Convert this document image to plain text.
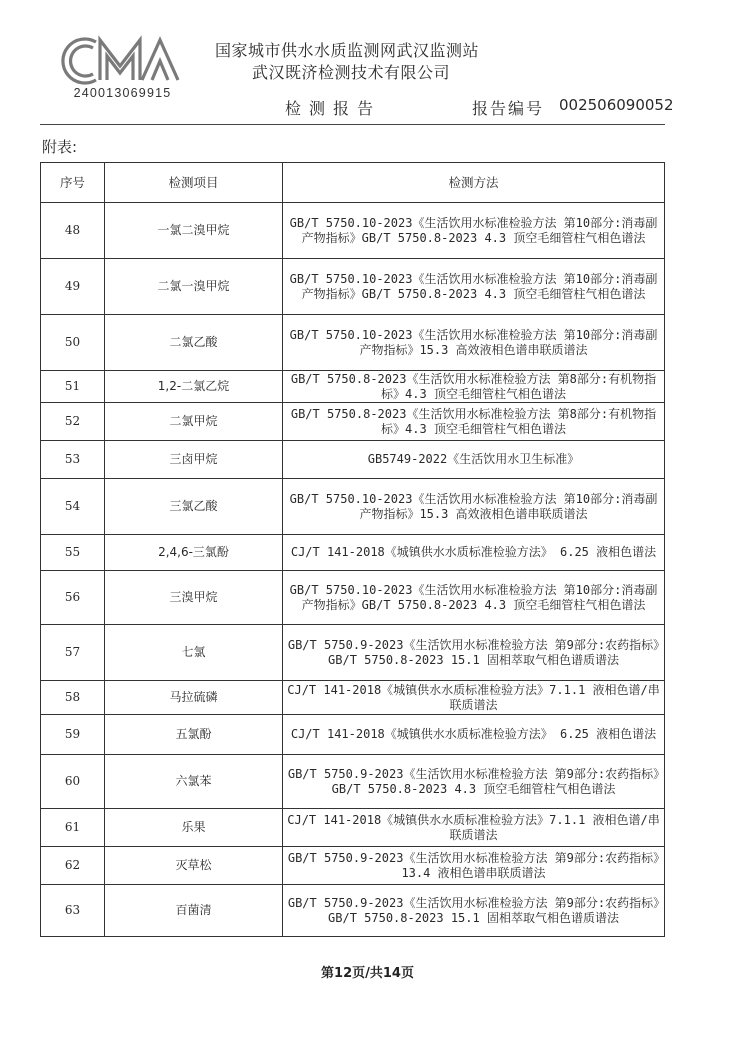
240013069915
国家城市供水水质监测网武汉监测站
武汉既济检测技术有限公司
检测报告	报告编号 002506090052
附表:
序号	检测项目	检测方法
48	一氯二溴甲烷	GB/T 5750.10-2023《生活饮用水标准检验方法 第10部分:消毒副产物指标》GB/T 5750.8-2023 4.3 顶空毛细管柱气相色谱法
49	二氯一溴甲烷	GB/T 5750.10-2023《生活饮用水标准检验方法 第10部分:消毒副产物指标》GB/T 5750.8-2023 4.3 顶空毛细管柱气相色谱法
50	二氯乙酸	GB/T 5750.10-2023《生活饮用水标准检验方法 第10部分:消毒副产物指标》15.3 高效液相色谱串联质谱法
51	1,2-二氯乙烷	GB/T 5750.8-2023《生活饮用水标准检验方法 第8部分:有机物指标》4.3 顶空毛细管柱气相色谱法
52	二氯甲烷	GB/T 5750.8-2023《生活饮用水标准检验方法 第8部分:有机物指标》4.3 顶空毛细管柱气相色谱法
53	三卤甲烷	GB5749-2022《生活饮用水卫生标准》
54	三氯乙酸	GB/T 5750.10-2023《生活饮用水标准检验方法 第10部分:消毒副产物指标》15.3 高效液相色谱串联质谱法
55	2,4,6-三氯酚	CJ/T 141-2018《城镇供水水质标准检验方法》 6.25 液相色谱法
56	三溴甲烷	GB/T 5750.10-2023《生活饮用水标准检验方法 第10部分:消毒副产物指标》GB/T 5750.8-2023 4.3 顶空毛细管柱气相色谱法
57	七氯	GB/T 5750.9-2023《生活饮用水标准检验方法 第9部分:农药指标》GB/T 5750.8-2023 15.1 固相萃取气相色谱质谱法
58	马拉硫磷	CJ/T 141-2018《城镇供水水质标准检验方法》7.1.1 液相色谱/串联质谱法
59	五氯酚	CJ/T 141-2018《城镇供水水质标准检验方法》 6.25 液相色谱法
60	六氯苯	GB/T 5750.9-2023《生活饮用水标准检验方法 第9部分:农药指标》GB/T 5750.8-2023 4.3 顶空毛细管柱气相色谱法
61	乐果	CJ/T 141-2018《城镇供水水质标准检验方法》7.1.1 液相色谱/串联质谱法
62	灭草松	GB/T 5750.9-2023《生活饮用水标准检验方法 第9部分:农药指标》13.4 液相色谱串联质谱法
63	百菌清	GB/T 5750.9-2023《生活饮用水标准检验方法 第9部分:农药指标》GB/T 5750.8-2023 15.1 固相萃取气相色谱质谱法
第12页/共14页
